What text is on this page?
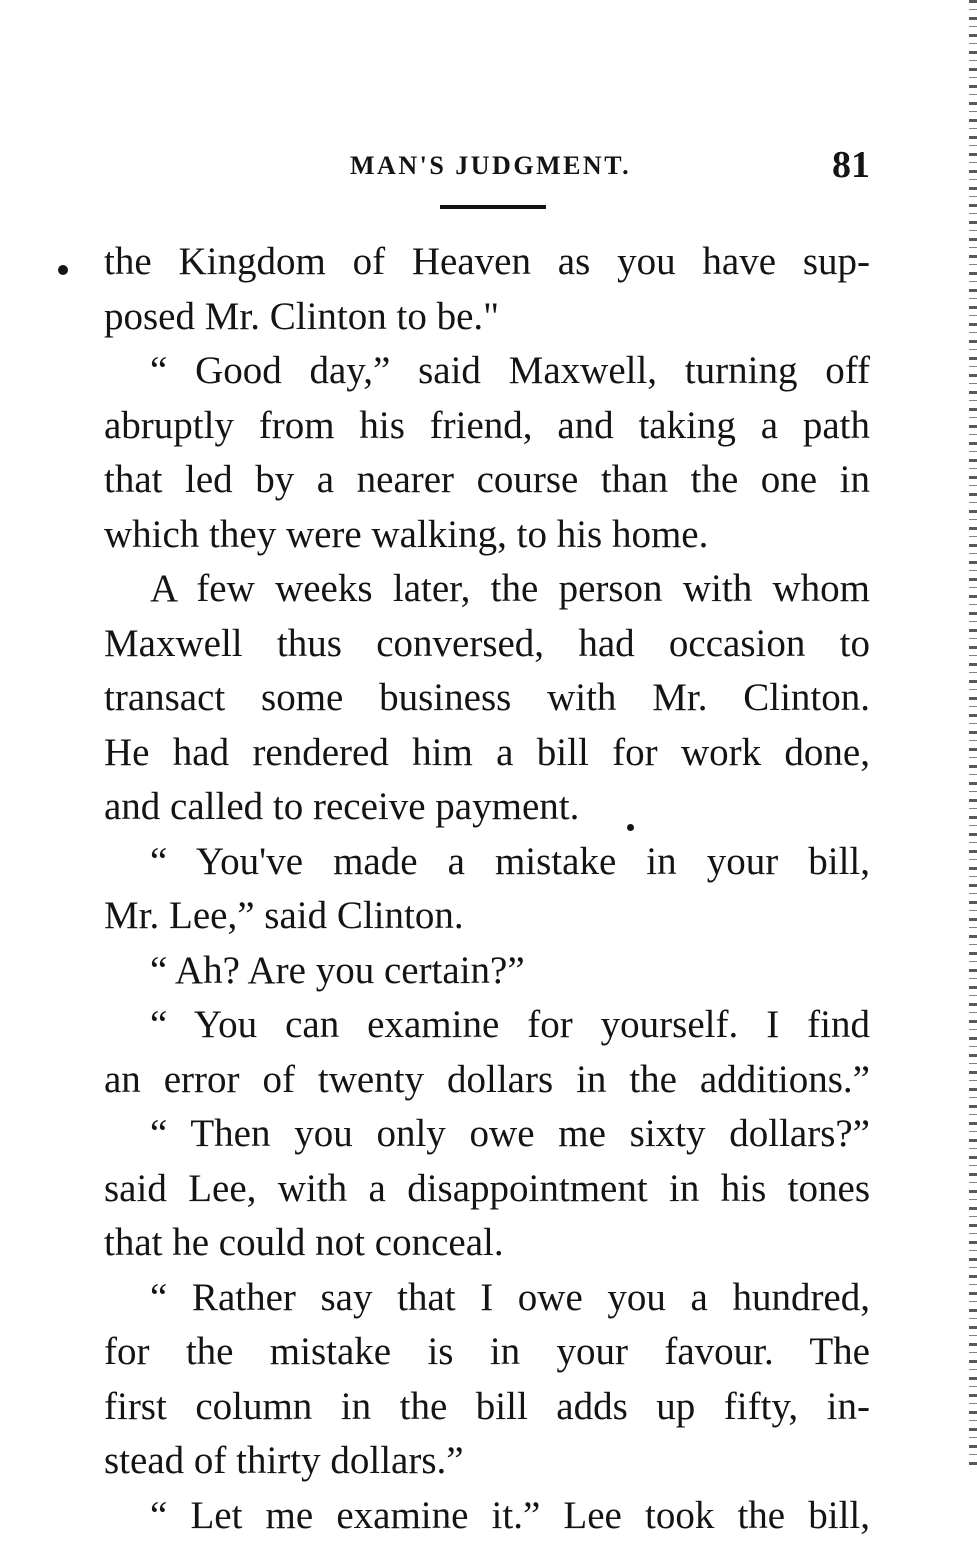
MAN'S JUDGMENT.	81
the Kingdom of Heaven as you have sup-
posed Mr. Clinton to be."
“ Good day,” said Maxwell, turning off
abruptly from his friend, and taking a path
that led by a nearer course than the one in
which they were walking, to his home.
A few weeks later, the person with whom
Maxwell thus conversed, had occasion to
transact some business with Mr. Clinton.
He had rendered him a bill for work done,
and called to receive payment.
“ You've made a mistake in your bill,
Mr. Lee,” said Clinton.
“ Ah? Are you certain?”
“ You can examine for yourself. I find
an error of twenty dollars in the additions.”
“ Then you only owe me sixty dollars?”
said Lee, with a disappointment in his tones
that he could not conceal.
“ Rather say that I owe you a hundred,
for the mistake is in your favour. The
first column in the bill adds up fifty, in-
stead of thirty dollars.”
“ Let me examine it.” Lee took the bill,
